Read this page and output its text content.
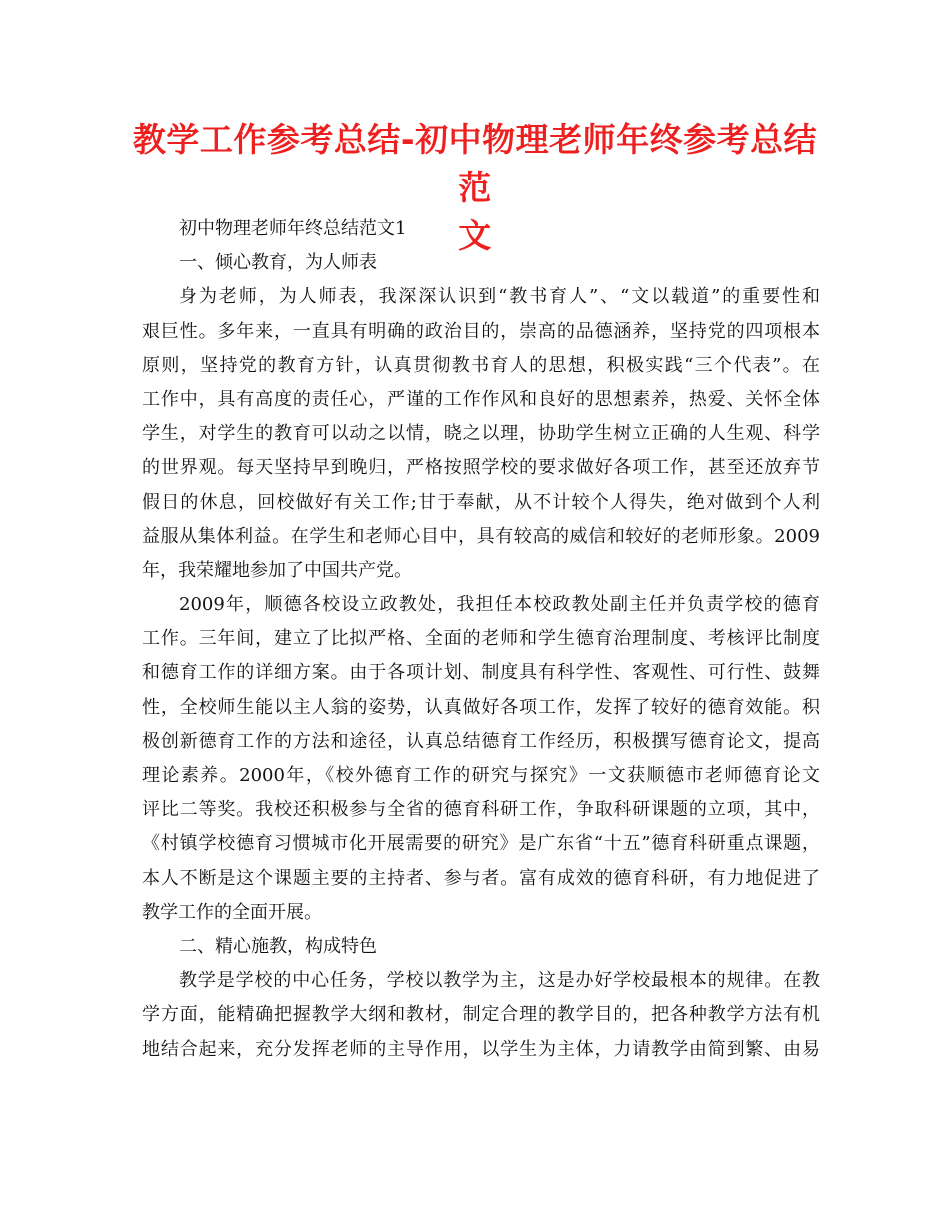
教学工作参考总结-初中物理老师年终参考总结范
文
初中物理老师年终总结范文1
一、倾心教育，为人师表
身为老师，为人师表，我深深认识到“教书育人”、“文以载道”的重要性和
艰巨性。多年来，一直具有明确的政治目的，崇高的品德涵养，坚持党的四项根本
原则，坚持党的教育方针，认真贯彻教书育人的思想，积极实践“三个代表”。在
工作中，具有高度的责任心，严谨的工作作风和良好的思想素养，热爱、关怀全体
学生，对学生的教育可以动之以情，晓之以理，协助学生树立正确的人生观、科学
的世界观。每天坚持早到晚归，严格按照学校的要求做好各项工作，甚至还放弃节
假日的休息，回校做好有关工作;甘于奉献，从不计较个人得失，绝对做到个人利
益服从集体利益。在学生和老师心目中，具有较高的威信和较好的老师形象。2009
年，我荣耀地参加了中国共产党。
2009年，顺德各校设立政教处，我担任本校政教处副主任并负责学校的德育
工作。三年间，建立了比拟严格、全面的老师和学生德育治理制度、考核评比制度
和德育工作的详细方案。由于各项计划、制度具有科学性、客观性、可行性、鼓舞
性，全校师生能以主人翁的姿势，认真做好各项工作，发挥了较好的德育效能。积
极创新德育工作的方法和途径，认真总结德育工作经历，积极撰写德育论文，提高
理论素养。2000年，《校外德育工作的研究与探究》一文获顺德市老师德育论文
评比二等奖。我校还积极参与全省的德育科研工作，争取科研课题的立项，其中，
《村镇学校德育习惯城市化开展需要的研究》是广东省“十五”德育科研重点课题，
本人不断是这个课题主要的主持者、参与者。富有成效的德育科研，有力地促进了
教学工作的全面开展。
二、精心施教，构成特色
教学是学校的中心任务，学校以教学为主，这是办好学校最根本的规律。在教
学方面，能精确把握教学大纲和教材，制定合理的教学目的，把各种教学方法有机
地结合起来，充分发挥老师的主导作用，以学生为主体，力请教学由简到繁、由易
